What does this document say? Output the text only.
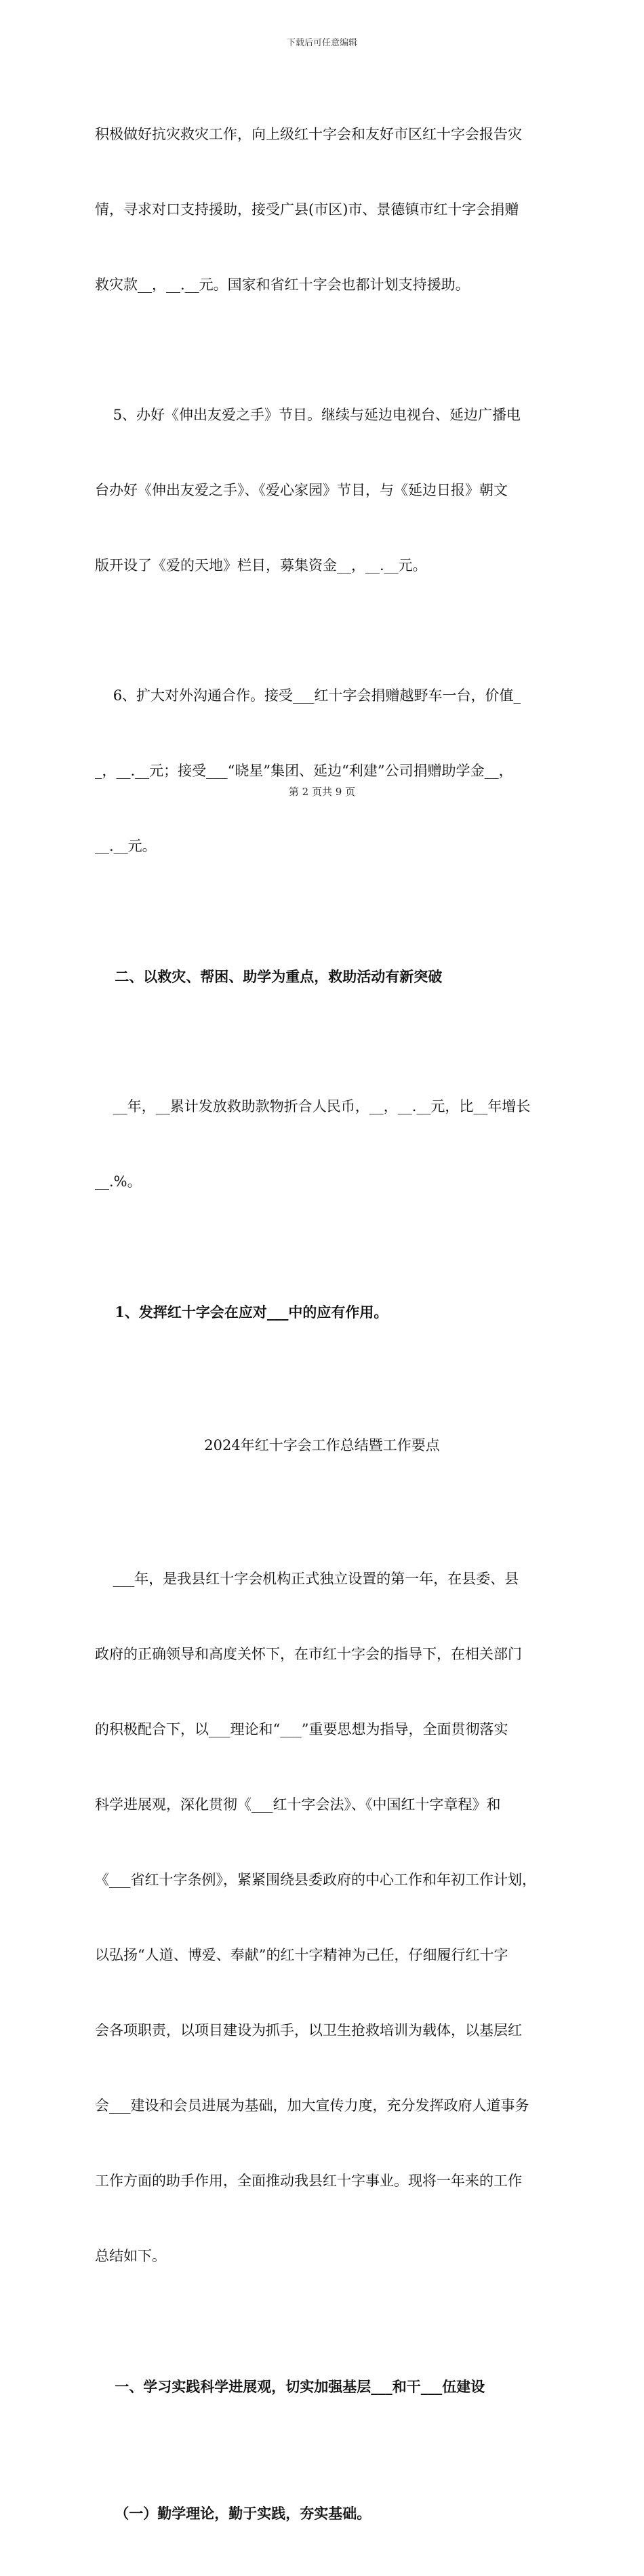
下载后可任意编辑

积极做好抗灾救灾工作，向上级红十字会和友好市区红十字会报告灾

情，寻求对口支持援助，接受广县(市区)市、景德镇市红十字会捐赠

救灾款__，__.__元。国家和省红十字会也都计划支持援助。

5、办好《伸出友爱之手》节目。继续与延边电视台、延边广播电

台办好《伸出友爱之手》、《爱心家园》节目，与《延边日报》朝文

版开设了《爱的天地》栏目，募集资金__，__.__元。

6、扩大对外沟通合作。接受___红十字会捐赠越野车一台，价值_

_，__.__元；接受___“晓星”集团、延边“利建”公司捐赠助学金__，

__.__元。

二、以救灾、帮困、助学为重点，救助活动有新突破

__年，__累计发放救助款物折合人民币，__，__.__元，比__年增长

__.%。

1、发挥红十字会在应对___中的应有作用。

2024年红十字会工作总结暨工作要点

___年，是我县红十字会机构正式独立设置的第一年，在县委、县

政府的正确领导和高度关怀下，在市红十字会的指导下，在相关部门

的积极配合下，以___理论和“___”重要思想为指导，全面贯彻落实

科学进展观，深化贯彻《___红十字会法》、《中国红十字章程》和

《___省红十字条例》，紧紧围绕县委政府的中心工作和年初工作计划，

以弘扬“人道、博爱、奉献”的红十字精神为己任，仔细履行红十字

会各项职责，以项目建设为抓手，以卫生抢救培训为载体，以基层红

会___建设和会员进展为基础，加大宣传力度，充分发挥政府人道事务

工作方面的助手作用，全面推动我县红十字事业。现将一年来的工作

总结如下。

一、学习实践科学进展观，切实加强基层___和干___伍建设

（一）勤学理论，勤于实践，夯实基础。

第 2 页共 9 页
